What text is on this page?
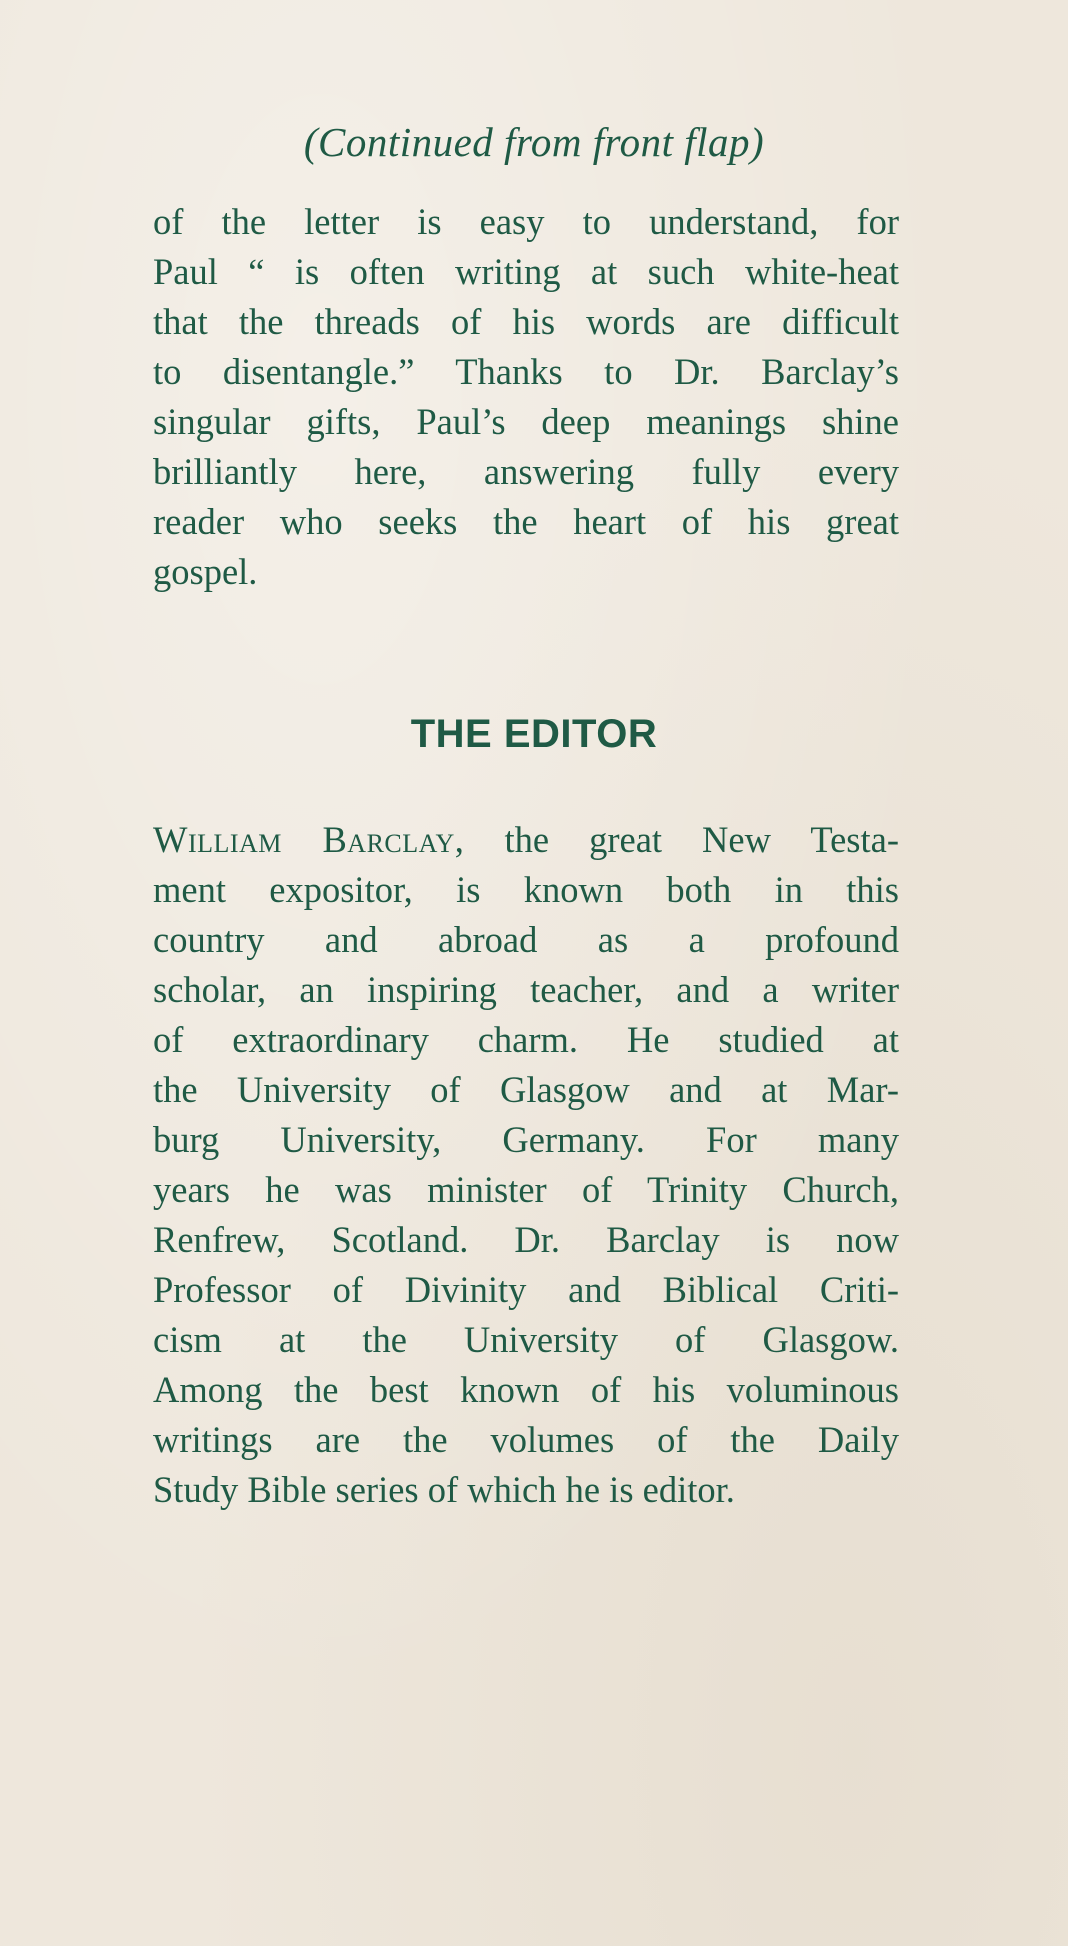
(Continued from front flap)
of the letter is easy to understand, for
Paul “ is often writing at such white-heat
that the threads of his words are difficult
to disentangle.” Thanks to Dr. Barclay’s
singular gifts, Paul’s deep meanings shine
brilliantly here, answering fully every
reader who seeks the heart of his great
gospel.
THE EDITOR
William Barclay, the great New Testa-
ment expositor, is known both in this
country and abroad as a profound
scholar, an inspiring teacher, and a writer
of extraordinary charm. He studied at
the University of Glasgow and at Mar-
burg University, Germany. For many
years he was minister of Trinity Church,
Renfrew, Scotland. Dr. Barclay is now
Professor of Divinity and Biblical Criti-
cism at the University of Glasgow.
Among the best known of his voluminous
writings are the volumes of the Daily
Study Bible series of which he is editor.
